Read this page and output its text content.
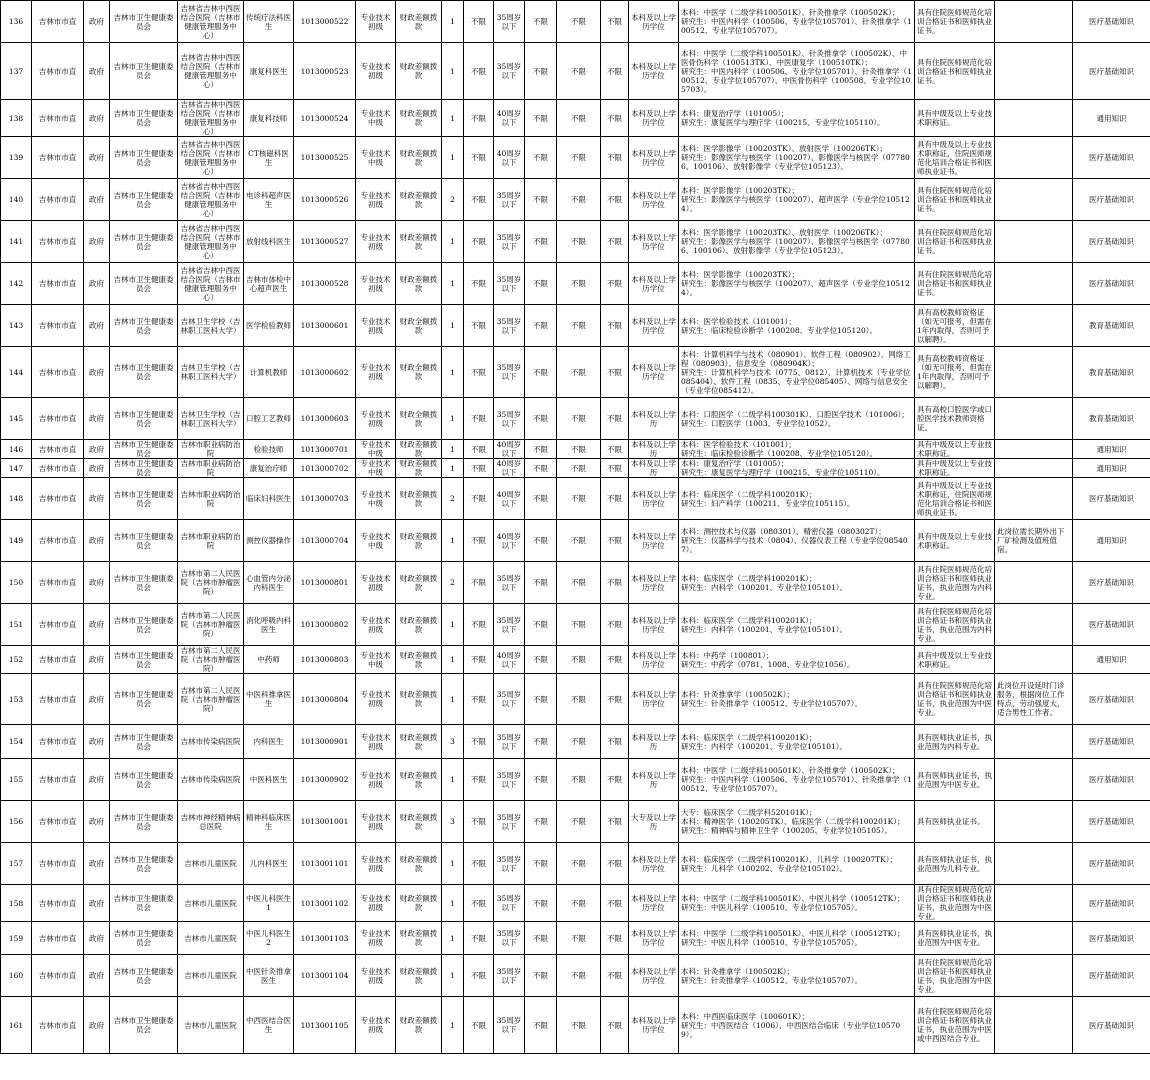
136	吉林市市直	政府	吉林市卫生健康委员会	吉林省吉林中西医结合医院（吉林市健康管理服务中心）	传统疗法科医生	1013000522	专业技术初级	财政差额拨款	1	不限	35周岁以下	不限	不限	不限	本科及以上学历学位	本科：中医学（二级学科100501K）、针灸推拿学（100502K）；
研究生：中医内科学（100506、专业学位105701）、针灸推拿学（100512、专业学位105707）。	具有住院医师规范化培训合格证书和医师执业证书。		医疗基础知识
137	吉林市市直	政府	吉林市卫生健康委员会	吉林省吉林中西医结合医院（吉林市健康管理服务中心）	康复科医生	1013000523	专业技术初级	财政差额拨款	1	不限	35周岁以下	不限	不限	不限	本科及以上学历学位	本科：中医学（二级学科100501K）、针灸推拿学（100502K）、中医骨伤科学（100513TK）、中医康复学（100510TK）；
研究生：中医内科学（100506、专业学位105701）、针灸推拿学（100512、专业学位105707）、中医骨伤科学（100508、专业学位105703）。	具有住院医师规范化培训合格证书和医师执业证书。		医疗基础知识
138	吉林市市直	政府	吉林市卫生健康委员会	吉林省吉林中西医结合医院（吉林市健康管理服务中心）	康复科技师	1013000524	专业技术中级	财政差额拨款	1	不限	40周岁以下	不限	不限	不限	本科及以上学历学位	本科：康复治疗学（101005）；
研究生：康复医学与理疗学（100215、专业学位105110）。	具有中级及以上专业技术职称证。		通用知识
139	吉林市市直	政府	吉林市卫生健康委员会	吉林省吉林中西医结合医院（吉林市健康管理服务中心）	CT核磁科医生	1013000525	专业技术中级	财政差额拨款	1	不限	40周岁以下	不限	不限	不限	本科及以上学历学位	本科：医学影像学（100203TK）、放射医学（100206TK）；
研究生：影像医学与核医学（100207）、影像医学与核医学（077806、100106）、放射影像学（专业学位105123）。	具有中级及以上专业技术职称证，住院医师规范化培训合格证书和医师执业证书。		医疗基础知识
140	吉林市市直	政府	吉林市卫生健康委员会	吉林省吉林中西医结合医院（吉林市健康管理服务中心）	电诊科超声医生	1013000526	专业技术初级	财政差额拨款	2	不限	35周岁以下	不限	不限	不限	本科及以上学历学位	本科：医学影像学（100203TK）；
研究生：影像医学与核医学（100207）、超声医学（专业学位105124）。	具有住院医师规范化培训合格证书和医师执业证书。		医疗基础知识
141	吉林市市直	政府	吉林市卫生健康委员会	吉林省吉林中西医结合医院（吉林市健康管理服务中心）	放射线科医生	1013000527	专业技术初级	财政差额拨款	1	不限	35周岁以下	不限	不限	不限	本科及以上学历学位	本科：医学影像学（100203TK）、放射医学（100206TK）；
研究生：影像医学与核医学（100207）、影像医学与核医学（077806、100106）、放射影像学（专业学位105123）。	具有住院医师规范化培训合格证书和医师执业证书。		医疗基础知识
142	吉林市市直	政府	吉林市卫生健康委员会	吉林省吉林中西医结合医院（吉林市健康管理服务中心）	吉林市体检中心超声医生	1013000528	专业技术初级	财政差额拨款	1	不限	35周岁以下	不限	不限	不限	本科及以上学历学位	本科：医学影像学（100203TK）；
研究生：影像医学与核医学（100207）、超声医学（专业学位105124）。	具有住院医师规范化培训合格证书和医师执业证书。		医疗基础知识
143	吉林市市直	政府	吉林市卫生健康委员会	吉林卫生学校（吉林职工医科大学）	医学检验教师	1013000601	专业技术初级	财政全额拨款	1	不限	35周岁以下	不限	不限	不限	本科及以上学历学位	本科：医学检验技术（101001）；
研究生：临床检验诊断学（100208、专业学位105120）。	具有高校教师资格证（如无可报考，但需在1年内取得，否则可予以解聘）。		教育基础知识
144	吉林市市直	政府	吉林市卫生健康委员会	吉林卫生学校（吉林职工医科大学）	计算机教师	1013000602	专业技术初级	财政全额拨款	1	不限	35周岁以下	不限	不限	不限	本科及以上学历学位	本科：计算机科学与技术（080901）、软件工程（080902）、网络工程（080903）、信息安全（080904K）；
研究生：计算机科学与技术（0775、0812）、计算机技术（专业学位085404）、软件工程（0835、专业学位085405）、网络与信息安全（专业学位085412）。	具有高校教师资格证（如无可报考，但需在1年内取得，否则可予以解聘）。		教育基础知识
145	吉林市市直	政府	吉林市卫生健康委员会	吉林卫生学校（吉林职工医科大学）	口腔工艺教师	1013000603	专业技术初级	财政全额拨款	1	不限	35周岁以下	不限	不限	不限	本科及以上学历	本科：口腔医学（二级学科100301K）、口腔医学技术（101006）；
研究生：口腔医学（1003、专业学位1052）。	具有高校口腔医学或口腔医学技术教师资格证。		教育基础知识
146	吉林市市直	政府	吉林市卫生健康委员会	吉林市职业病防治院	检验技师	1013000701	专业技术中级	财政差额拨款	1	不限	40周岁以下	不限	不限	不限	本科及以上学历	本科：医学检验技术（101001）；
研究生：临床检验诊断学（100208、专业学位105120）。	具有中级及以上专业技术职称证。		通用知识
147	吉林市市直	政府	吉林市卫生健康委员会	吉林市职业病防治院	康复治疗师	1013000702	专业技术中级	财政差额拨款	1	不限	40周岁以下	不限	不限	不限	本科及以上学历	本科：康复治疗学（101005）；
研究生：康复医学与理疗学（100215、专业学位105110）。	具有中级及以上专业技术职称证。		通用知识
148	吉林市市直	政府	吉林市卫生健康委员会	吉林市职业病防治院	临床妇科医生	1013000703	专业技术中级	财政差额拨款	2	不限	40周岁以下	不限	不限	不限	本科及以上学历学位	本科：临床医学（二级学科100201K）；
研究生：妇产科学（100211、专业学位105115）。	具有中级及以上专业技术职称证，住院医师规范化培训合格证书和医师执业证书。		医疗基础知识
149	吉林市市直	政府	吉林市卫生健康委员会	吉林市职业病防治院	测控仪器操作	1013000704	专业技术中级	财政差额拨款	1	不限	40周岁以下	不限	不限	不限	本科及以上学历学位	本科：测控技术与仪器（080301）、精密仪器（080302T）；
研究生：仪器科学与技术（0804）、仪器仪表工程（专业学位085407）。	具有中级及以上专业技术职称证。	此岗位需长期外出下厂矿检测及值班值宿。	通用知识
150	吉林市市直	政府	吉林市卫生健康委员会	吉林市第二人民医院（吉林市肿瘤医院）	心血管内分泌内科医生	1013000801	专业技术初级	财政差额拨款	2	不限	35周岁以下	不限	不限	不限	本科及以上学历学位	本科：临床医学（二级学科100201K）；
研究生：内科学（100201、专业学位105101）。	具有住院医师规范化培训合格证书和医师执业证书，执业范围为内科专业。		医疗基础知识
151	吉林市市直	政府	吉林市卫生健康委员会	吉林市第二人民医院（吉林市肿瘤医院）	消化呼吸内科医生	1013000802	专业技术初级	财政差额拨款	1	不限	35周岁以下	不限	不限	不限	本科及以上学历学位	本科：临床医学（二级学科100201K）；
研究生：内科学（100201、专业学位105101）。	具有住院医师规范化培训合格证书和医师执业证书，执业范围为内科专业。		医疗基础知识
152	吉林市市直	政府	吉林市卫生健康委员会	吉林市第二人民医院（吉林市肿瘤医院）	中药师	1013000803	专业技术中级	财政差额拨款	1	不限	40周岁以下	不限	不限	不限	本科及以上学历学位	本科：中药学（100801）；
研究生：中药学（0781、1008、专业学位1056）。	具有中级及以上专业技术职称证。		通用知识
153	吉林市市直	政府	吉林市卫生健康委员会	吉林市第二人民医院（吉林市肿瘤医院）	中医科推拿医生	1013000804	专业技术初级	财政差额拨款	1	不限	35周岁以下	不限	不限	不限	本科及以上学历学位	本科：针灸推拿学（100502K）；
研究生：针灸推拿学（100512、专业学位105707）。	具有住院医师规范化培训合格证书和医师执业证书，执业范围为中医专业。	此岗位开设延时门诊服务，根据岗位工作特点，劳动强度大，适合男性工作者。	医疗基础知识
154	吉林市市直	政府	吉林市卫生健康委员会	吉林市传染病医院	内科医生	1013000901	专业技术初级	财政差额拨款	3	不限	35周岁以下	不限	不限	不限	本科及以上学历	本科：临床医学（二级学科100201K）；
研究生：内科学（100201、专业学位105101）。	具有医师执业证书，执业范围为内科专业。		医疗基础知识
155	吉林市市直	政府	吉林市卫生健康委员会	吉林市传染病医院	中医科医生	1013000902	专业技术初级	财政差额拨款	1	不限	35周岁以下	不限	不限	不限	本科及以上学历	本科：中医学（二级学科100501K）、针灸推拿学（100502K）；
研究生：中医内科学（100506、专业学位105701）、针灸推拿学（100512、专业学位105707）。	具有医师执业证书，执业范围为中医专业。		医疗基础知识
156	吉林市市直	政府	吉林市卫生健康委员会	吉林市神经精神病总医院	精神科临床医生	1013001001	专业技术初级	财政差额拨款	3	不限	35周岁以下	不限	不限	不限	大专及以上学历	大专：临床医学（二级学科520101K）；
本科：精神医学（100205TK）、临床医学（二级学科100201K）；
研究生：精神病与精神卫生学（100205、专业学位105105）。	具有医师执业证书。		医疗基础知识
157	吉林市市直	政府	吉林市卫生健康委员会	吉林市儿童医院	儿内科医生	1013001101	专业技术初级	财政差额拨款	1	不限	35周岁以下	不限	不限	不限	本科及以上学历学位	本科：临床医学（二级学科100201K）、儿科学（100207TK）；
研究生：儿科学（100202、专业学位105102）。	具有医师执业证书，执业范围为儿科专业。		医疗基础知识
158	吉林市市直	政府	吉林市卫生健康委员会	吉林市儿童医院	中医儿科医生1	1013001102	专业技术初级	财政差额拨款	1	不限	35周岁以下	不限	不限	不限	本科及以上学历学位	本科：中医学（二级学科100501K）、中医儿科学（100512TK）；
研究生：中医儿科学（100510、专业学位105705）。	具有住院医师规范化培训合格证书和医师执业证书，执业范围为中医专业。		医疗基础知识
159	吉林市市直	政府	吉林市卫生健康委员会	吉林市儿童医院	中医儿科医生2	1013001103	专业技术初级	财政差额拨款	1	不限	35周岁以下	不限	不限	不限	本科及以上学历学位	本科：中医学（二级学科100501K）、中医儿科学（100512TK）；
研究生：中医儿科学（100510、专业学位105705）。	具有医师执业证书，执业范围为中医专业。		医疗基础知识
160	吉林市市直	政府	吉林市卫生健康委员会	吉林市儿童医院	中医针灸推拿医生	1013001104	专业技术初级	财政差额拨款	1	不限	35周岁以下	不限	不限	不限	本科及以上学历学位	本科：针灸推拿学（100502K）；
研究生：针灸推拿学（100512、专业学位105707）。	具有住院医师规范化培训合格证书和医师执业证书，执业范围为中医专业。		医疗基础知识
161	吉林市市直	政府	吉林市卫生健康委员会	吉林市儿童医院	中西医结合医生	1013001105	专业技术初级	财政差额拨款	1	不限	35周岁以下	不限	不限	不限	本科及以上学历学位	本科：中西医临床医学（100601K）；
研究生：中西医结合（1006）、中西医结合临床（专业学位105709）。	具有住院医师规范化培训合格证书和医师执业证书，执业范围为中医或中西医结合专业。		医疗基础知识
